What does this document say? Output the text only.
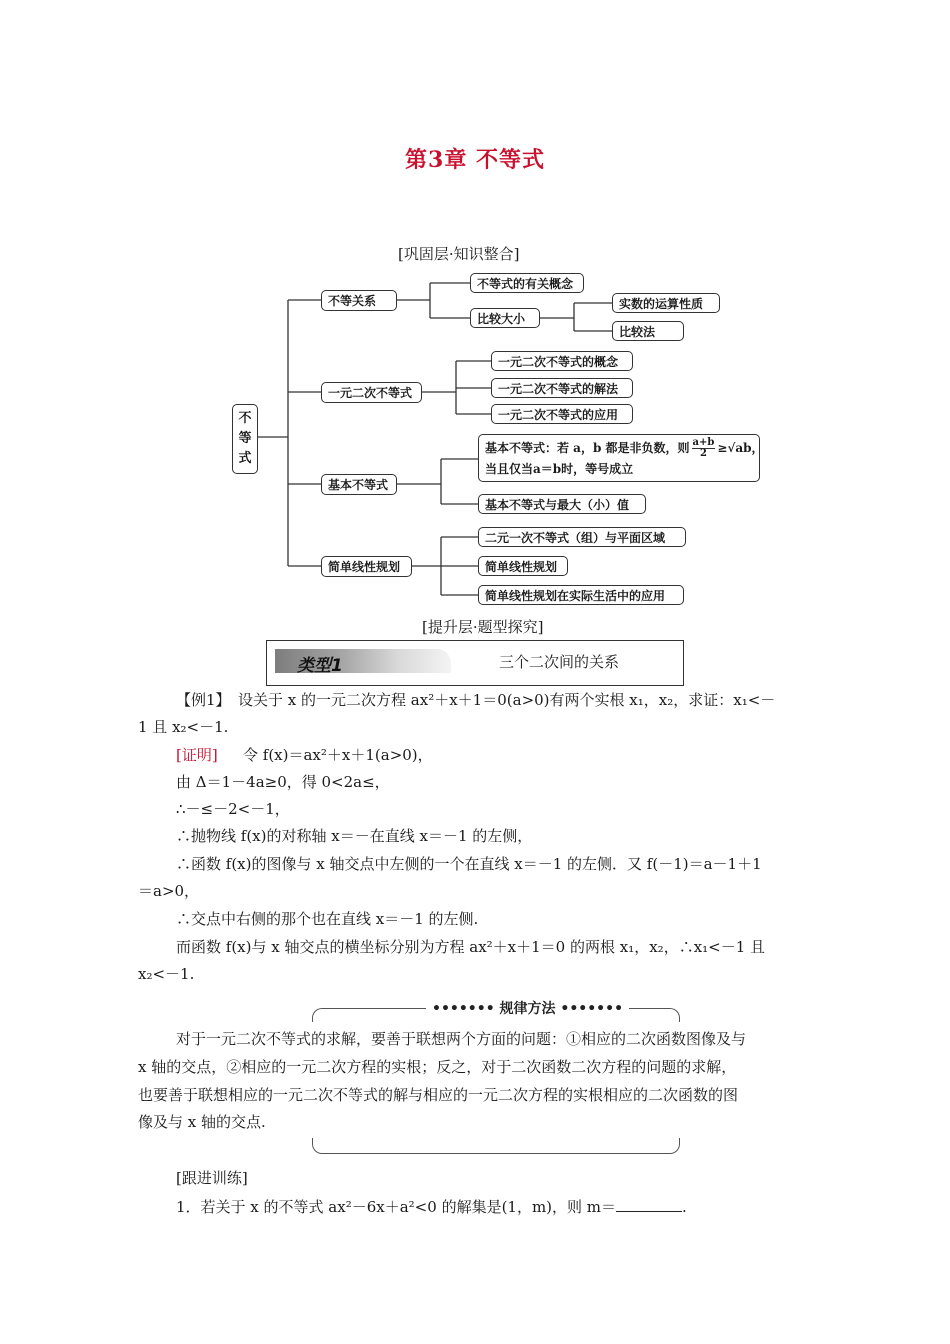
第3章 不等式
[巩固层·知识整合]
不
等
式
不等关系
不等式的有关概念
比较大小
实数的运算性质
比较法
一元二次不等式
一元二次不等式的概念
一元二次不等式的解法
一元二次不等式的应用
基本不等式
基本不等式：若 a，b 都是非负数，则 $\frac{a+b}{2} \ge√ab$，
当且仅当a＝b时，等号成立
基本不等式与最大（小）值
简单线性规划
二元一次不等式（组）与平面区域
简单线性规划
简单线性规划在实际生活中的应用
[提升层·题型探究]
类型1	三个二次间的关系
【例1】　设关于 x 的一元二次方程 ax²＋x＋1＝0(a>0)有两个实根 x₁，x₂，求证：x₁<－
1 且 x₂<－1.
[证明] 令 f(x)＝ax²＋x＋1(a>0)，
由 Δ＝1－4a≥0，得 0<2a≤，
∴－≤－2<－1，
∴抛物线 f(x)的对称轴 x＝－在直线 x＝－1 的左侧，
∴函数 f(x)的图像与 x 轴交点中左侧的一个在直线 x＝－1 的左侧．又 f(－1)＝a－1＋1
＝a>0，
∴交点中右侧的那个也在直线 x＝－1 的左侧.
而函数 f(x)与 x 轴交点的横坐标分别为方程 ax²＋x＋1＝0 的两根 x₁，x₂，∴x₁<－1 且
x₂<－1.
••••••• 规律方法 •••••••
对于一元二次不等式的求解，要善于联想两个方面的问题：①相应的二次函数图像及与
x 轴的交点，②相应的一元二次方程的实根；反之，对于二次函数二次方程的问题的求解，
也要善于联想相应的一元二次不等式的解与相应的一元二次方程的实根相应的二次函数的图
像及与 x 轴的交点.
[跟进训练]
1．若关于 x 的不等式 ax²－6x＋a²<0 的解集是(1，m)，则 m＝	.
